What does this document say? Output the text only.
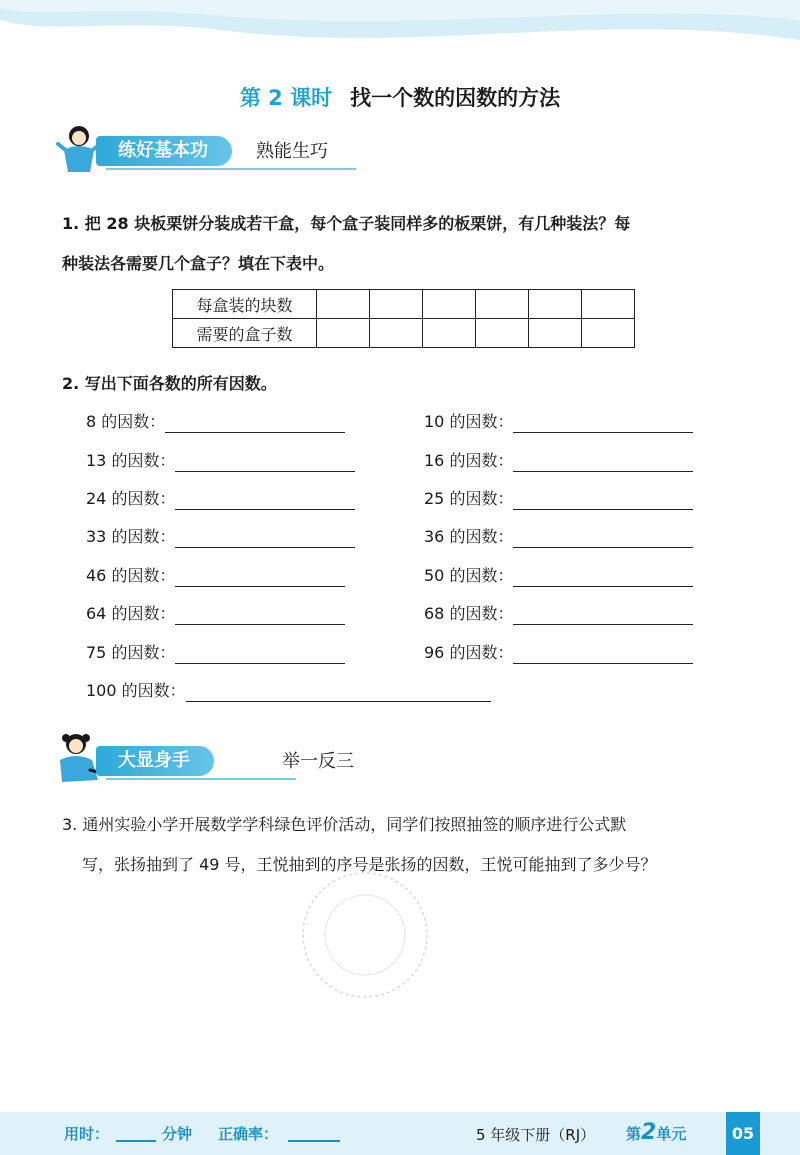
第 2 课时 找一个数的因数的方法
练好基本功	熟能生巧
1. 把 28 块板栗饼分装成若干盒，每个盒子装同样多的板栗饼，有几种装法？每
种装法各需要几个盒子？填在下表中。
每盒装的块数						
需要的盒子数						
2. 写出下面各数的所有因数。
8 的因数：	10 的因数：
13 的因数：	16 的因数：
24 的因数：	25 的因数：
33 的因数：	36 的因数：
46 的因数：	50 的因数：
64 的因数：	68 的因数：
75 的因数：	96 的因数：
100 的因数：
大显身手	举一反三
3. 通州实验小学开展数学学科绿色评价活动，同学们按照抽签的顺序进行公式默
写，张扬抽到了 49 号，王悦抽到的序号是张扬的因数，王悦可能抽到了多少号？
用时：	分钟 正确率：	5 年级下册（RJ） 第2单元	05
